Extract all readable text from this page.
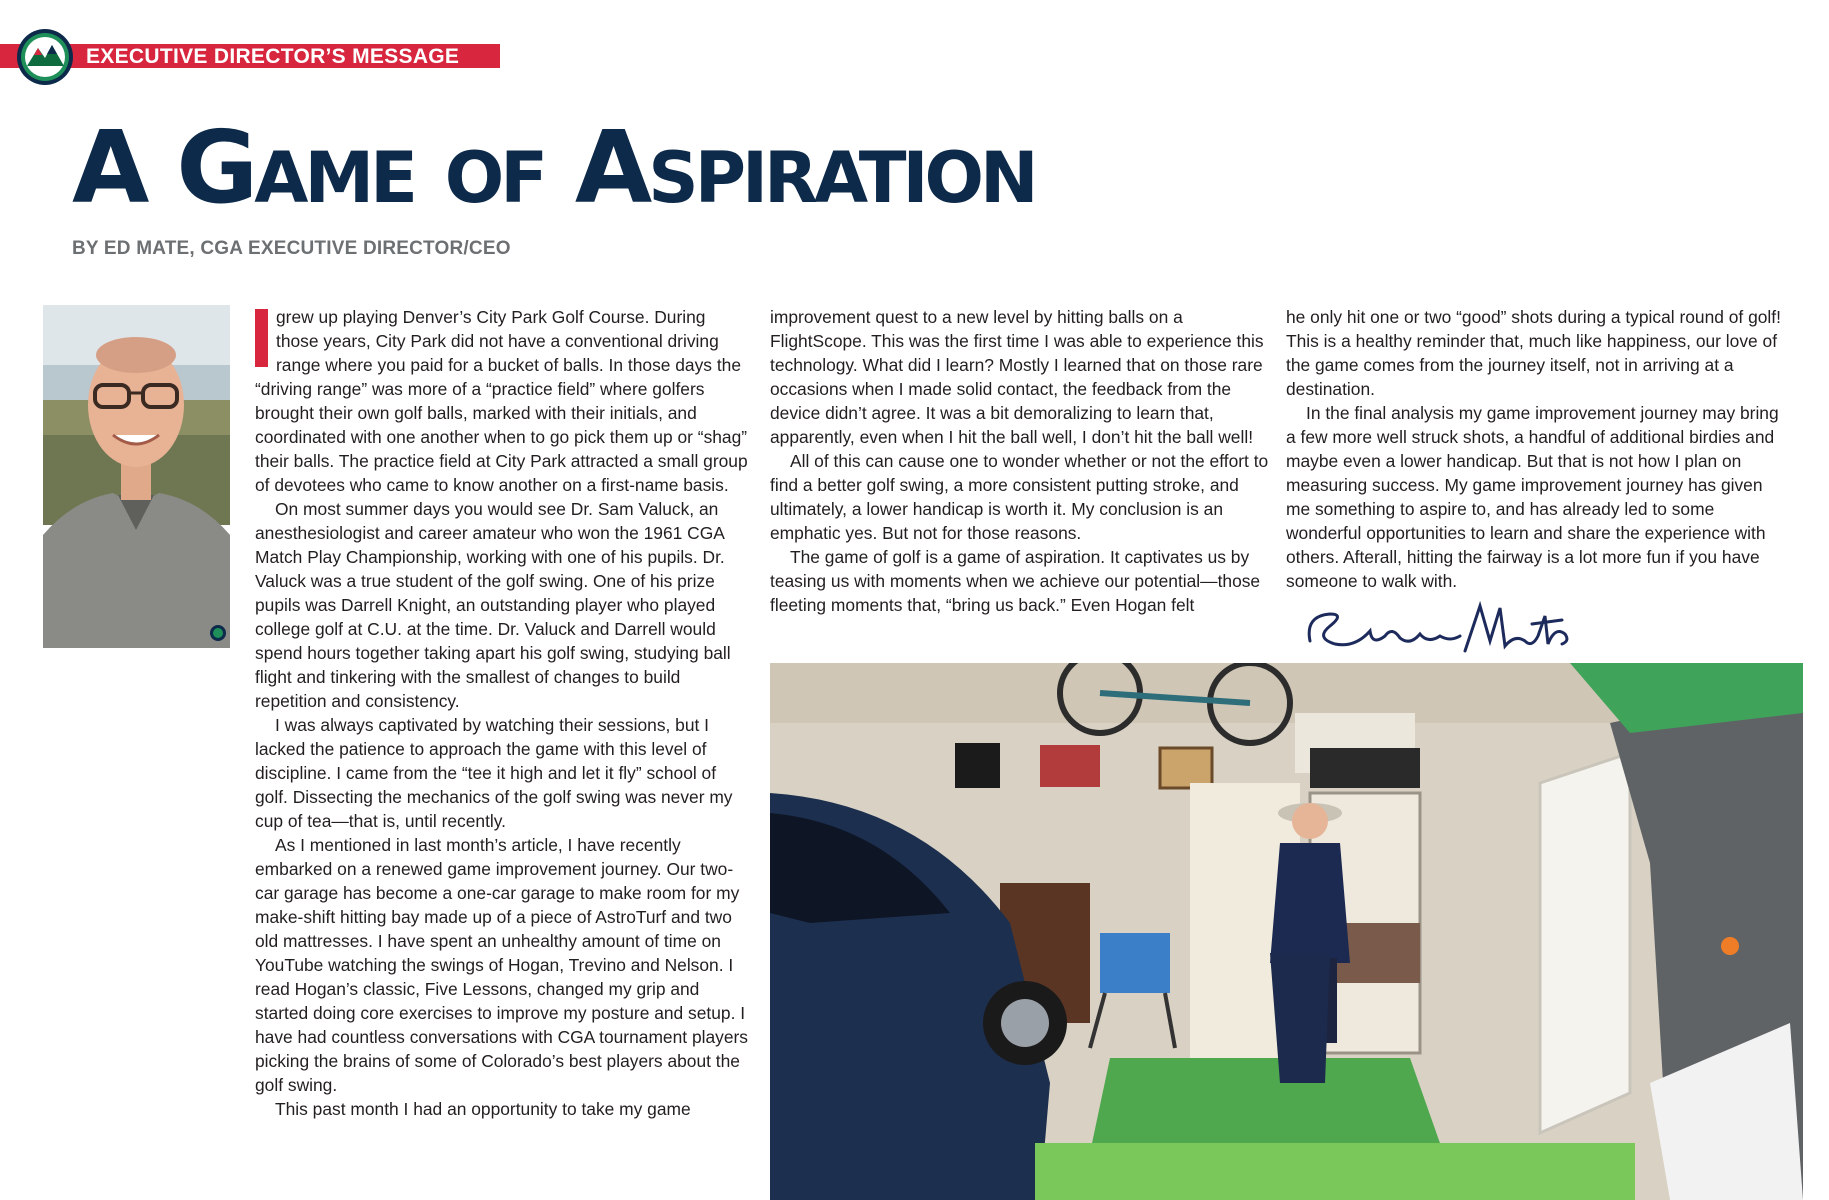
EXECUTIVE DIRECTOR’S MESSAGE
A Game of Aspiration
BY ED MATE, CGA EXECUTIVE DIRECTOR/CEO

I	grew up playing Denver’s City Park Golf Course. During those years, City Park did not have a conventional driving range where you paid for a bucket of balls. In those days the “driving range” was more of a “practice field” where golfers brought their own golf balls, marked with their initials, and coordinated with one another when to go pick them up or “shag” their balls. The practice field at City Park attracted a small group of devotees who came to know another on a first-name basis.

On most summer days you would see Dr. Sam Valuck, an anesthesiologist and career amateur who won the 1961 CGA Match Play Championship, working with one of his pupils. Dr. Valuck was a true student of the golf swing. One of his prize pupils was Darrell Knight, an outstanding player who played college golf at C.U. at the time. Dr. Valuck and Darrell would spend hours together taking apart his golf swing, studying ball flight and tinkering with the smallest of changes to build repetition and consistency.

I was always captivated by watching their sessions, but I lacked the patience to approach the game with this level of discipline. I came from the “tee it high and let it fly” school of golf. Dissecting the mechanics of the golf swing was never my cup of tea—that is, until recently.

As I mentioned in last month’s article, I have recently embarked on a renewed game improvement journey. Our two-car garage has become a one-car garage to make room for my make-shift hitting bay made up of a piece of AstroTurf and two old mattresses. I have spent an unhealthy amount of time on YouTube watching the swings of Hogan, Trevino and Nelson. I read Hogan’s classic, Five Lessons, changed my grip and started doing core exercises to improve my posture and setup. I have had countless conversations with CGA tournament players picking the brains of some of Colorado’s best players about the golf swing.

This past month I had an opportunity to take my game

improvement quest to a new level by hitting balls on a FlightScope. This was the first time I was able to experience this technology. What did I learn? Mostly I learned that on those rare occasions when I made solid contact, the feedback from the device didn’t agree. It was a bit demoralizing to learn that, apparently, even when I hit the ball well, I don’t hit the ball well!

All of this can cause one to wonder whether or not the effort to find a better golf swing, a more consistent putting stroke, and ultimately, a lower handicap is worth it. My conclusion is an emphatic yes. But not for those reasons.

The game of golf is a game of aspiration. It captivates us by teasing us with moments when we achieve our potential—those fleeting moments that, “bring us back.” Even Hogan felt

he only hit one or two “good” shots during a typical round of golf! This is a healthy reminder that, much like happiness, our love of the game comes from the journey itself, not in arriving at a destination.

In the final analysis my game improvement journey may bring a few more well struck shots, a handful of additional birdies and maybe even a lower handicap. But that is not how I plan on measuring success. My game improvement journey has given me something to aspire to, and has already led to some wonderful opportunities to learn and share the experience with others. Afterall, hitting the fairway is a lot more fun if you have someone to walk with.
